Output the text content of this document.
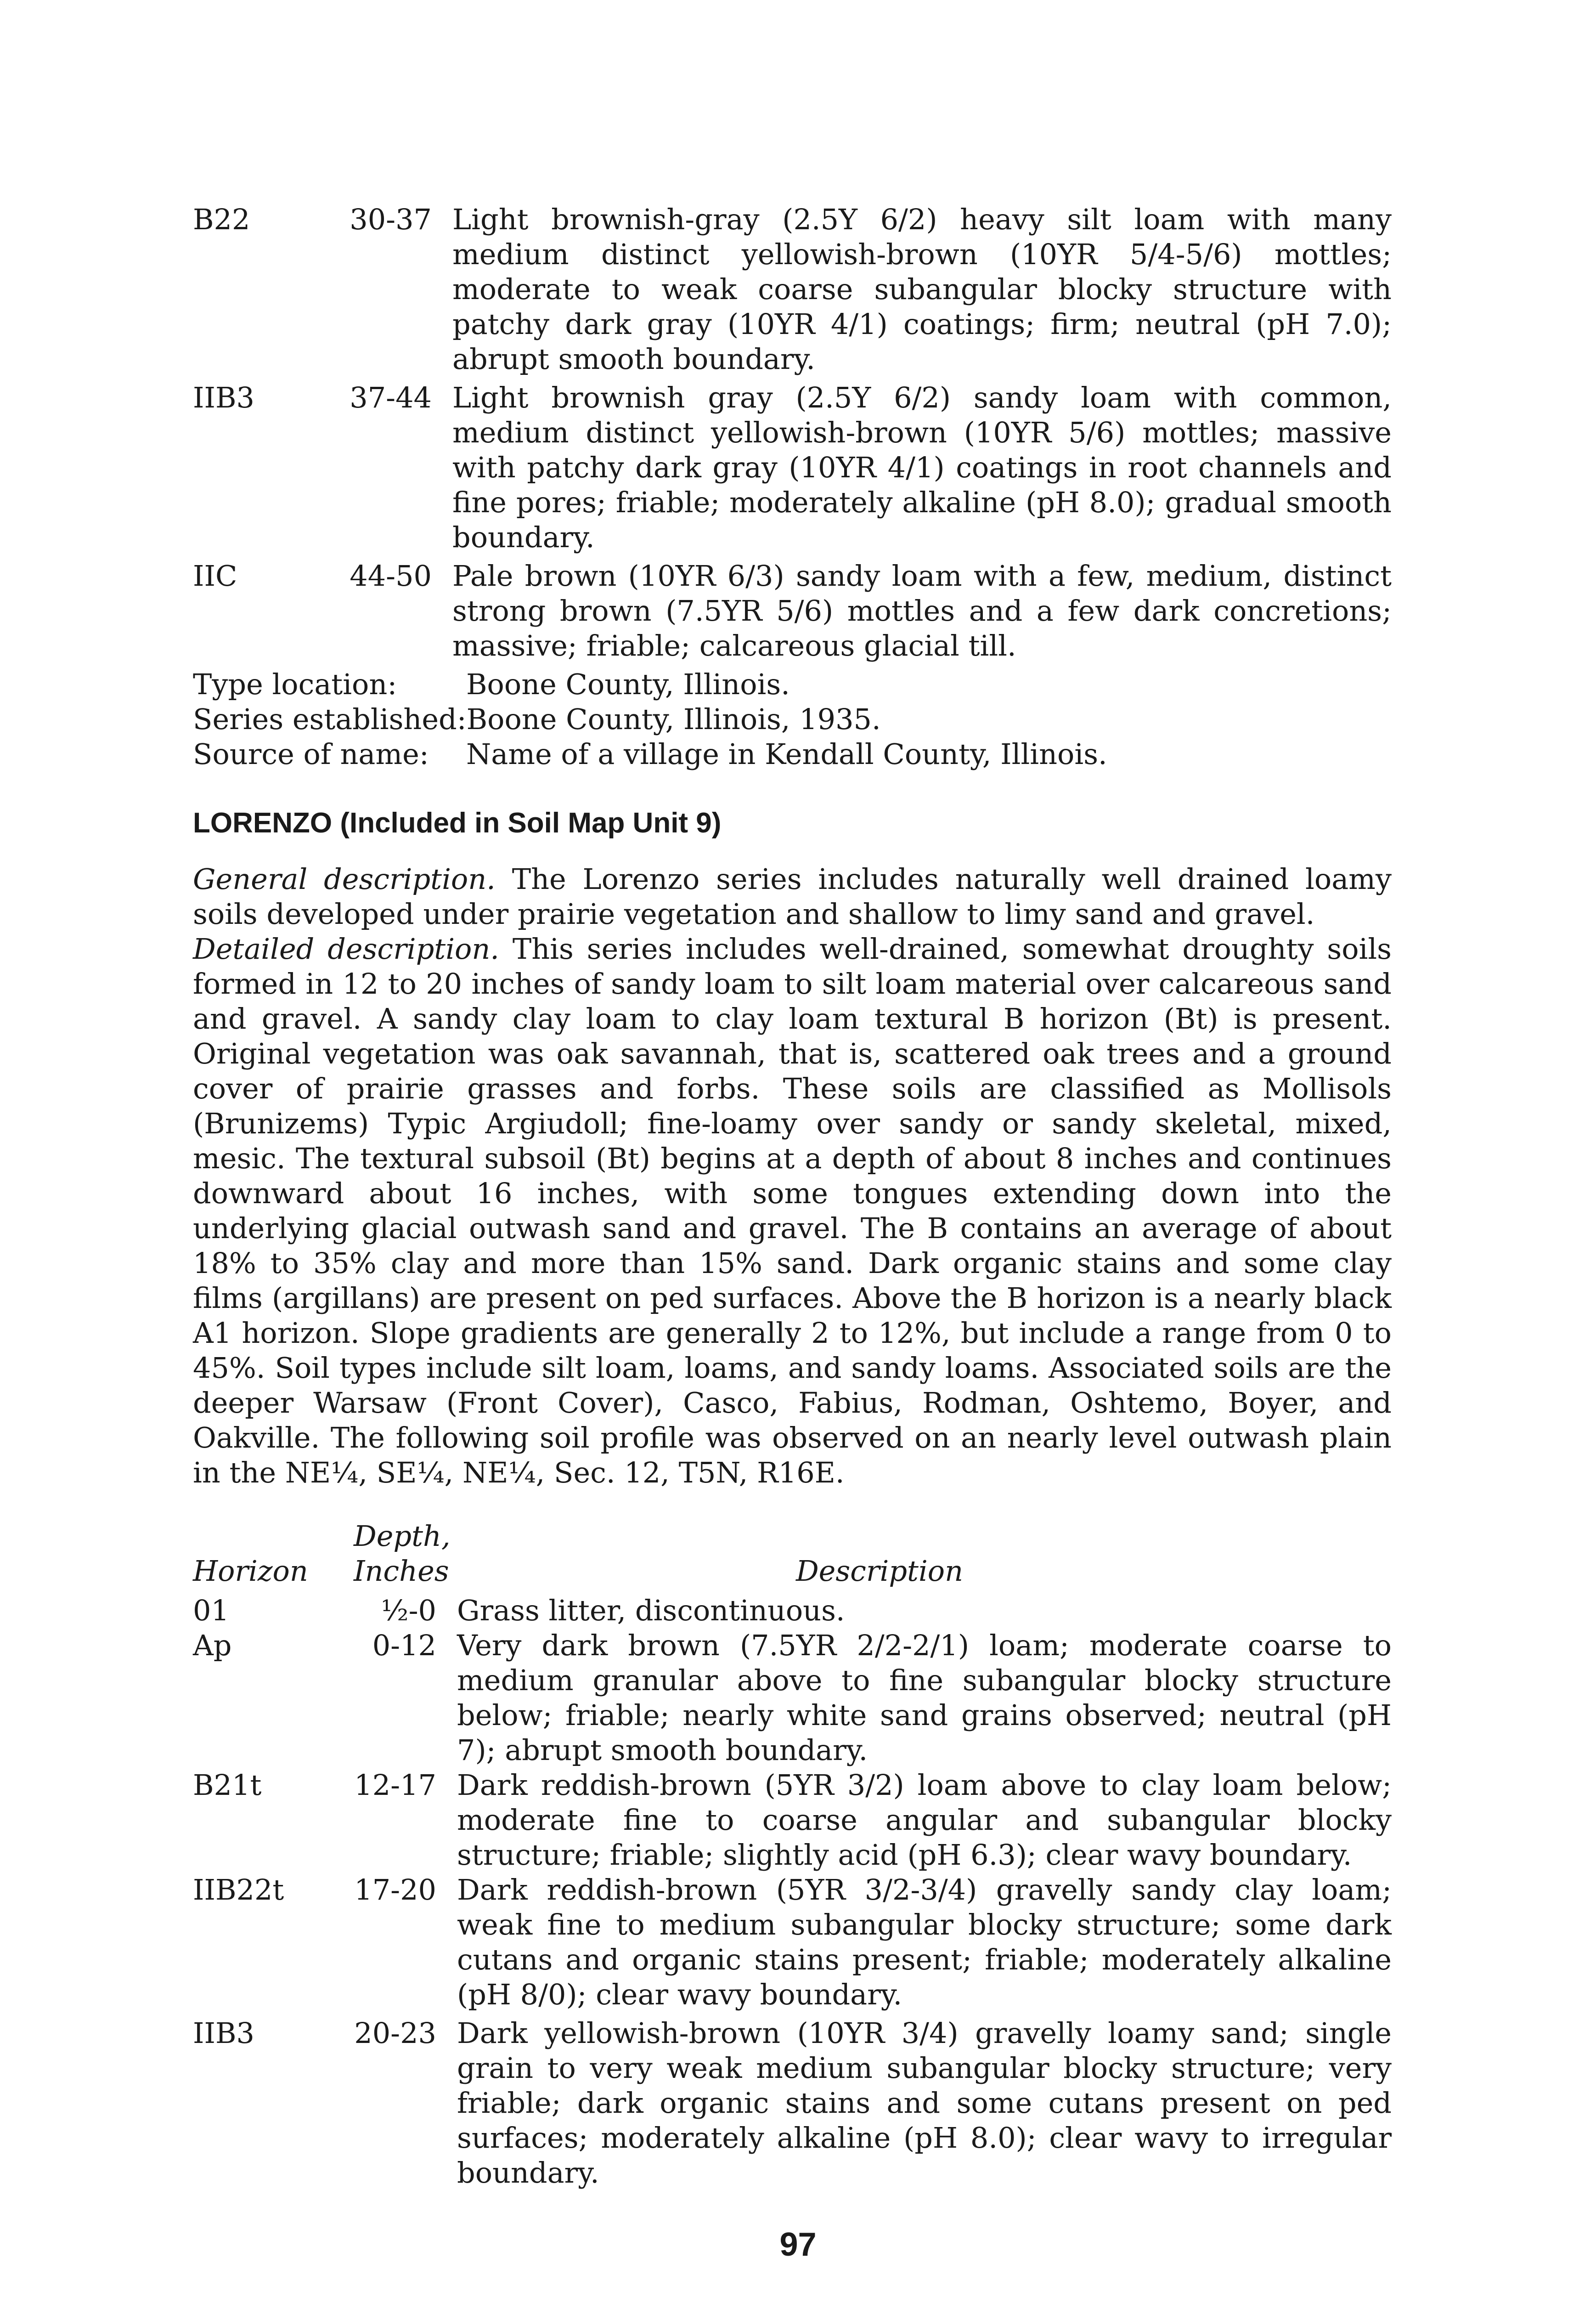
B22	30-37 Light brownish-gray (2.5Y 6/2) heavy silt loam with many medium distinct yellowish-brown (10YR 5/4-5/6) mottles; moderate to weak coarse subangular blocky structure with patchy dark gray (10YR 4/1) coatings; firm; neutral (pH 7.0); abrupt smooth boundary.
IIB3	37-44 Light brownish gray (2.5Y 6/2) sandy loam with common, medium distinct yellowish-brown (10YR 5/6) mottles; massive with patchy dark gray (10YR 4/1) coatings in root channels and fine pores; friable; moderately alkaline (pH 8.0); gradual smooth boundary.
IIC	44-50 Pale brown (10YR 6/3) sandy loam with a few, medium, distinct strong brown (7.5YR 5/6) mottles and a few dark concretions; massive; friable; calcareous glacial till.
Type location:	Boone County, Illinois.
Series established: Boone County, Illinois, 1935.
Source of name:	Name of a village in Kendall County, Illinois.
LORENZO (Included in Soil Map Unit 9)
General description. The Lorenzo series includes naturally well drained loamy soils developed under prairie vegetation and shallow to limy sand and gravel.
Detailed description. This series includes well-drained, somewhat droughty soils formed in 12 to 20 inches of sandy loam to silt loam material over calcareous sand and gravel. A sandy clay loam to clay loam textural B horizon (Bt) is present. Original vegetation was oak savannah, that is, scattered oak trees and a ground cover of prairie grasses and forbs. These soils are classified as Mollisols (Brunizems) Typic Argiudoll; fine-loamy over sandy or sandy skeletal, mixed, mesic. The textural subsoil (Bt) begins at a depth of about 8 inches and continues downward about 16 inches, with some tongues extending down into the underlying glacial outwash sand and gravel. The B contains an average of about 18% to 35% clay and more than 15% sand. Dark organic stains and some clay films (argillans) are present on ped surfaces. Above the B horizon is a nearly black A1 horizon. Slope gradients are generally 2 to 12%, but include a range from 0 to 45%. Soil types include silt loam, loams, and sandy loams. Associated soils are the deeper Warsaw (Front Cover), Casco, Fabius, Rodman, Oshtemo, Boyer, and Oakville. The following soil profile was observed on an nearly level outwash plain in the NE¼, SE¼, NE¼, Sec. 12, T5N, R16E.
Horizon
Depth,
Inches	Description
01	½-0 Grass litter, discontinuous.
Ap	0-12 Very dark brown (7.5YR 2/2-2/1) loam; moderate coarse to medium granular above to fine subangular blocky structure below; friable; nearly white sand grains observed; neutral (pH 7); abrupt smooth boundary.
B21t	12-17 Dark reddish-brown (5YR 3/2) loam above to clay loam below; moderate fine to coarse angular and subangular blocky structure; friable; slightly acid (pH 6.3); clear wavy boundary.
IIB22t	17-20 Dark reddish-brown (5YR 3/2-3/4) gravelly sandy clay loam; weak fine to medium subangular blocky structure; some dark cutans and organic stains present; friable; moderately alkaline (pH 8/0); clear wavy boundary.
IIB3	20-23 Dark yellowish-brown (10YR 3/4) gravelly loamy sand; single grain to very weak medium subangular blocky structure; very friable; dark organic stains and some cutans present on ped surfaces; moderately alkaline (pH 8.0); clear wavy to irregular boundary.
97
